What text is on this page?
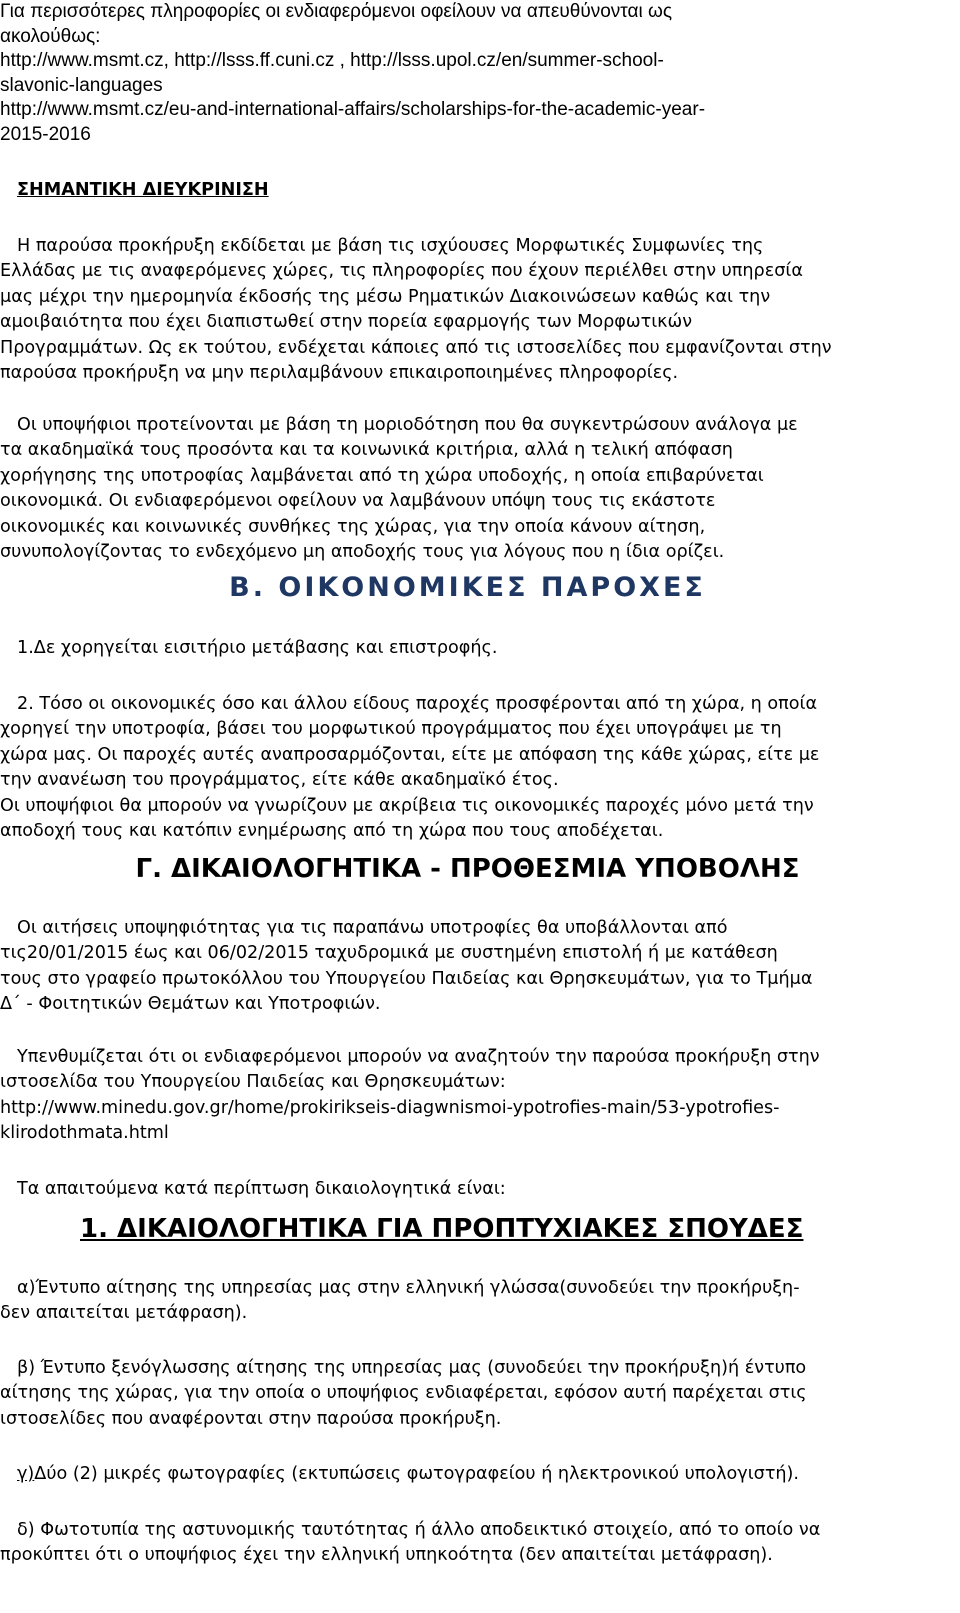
Για περισσότερες πληροφορίες οι ενδιαφερόμενοι οφείλουν να απευθύνονται ως
ακολούθως:
http://www.msmt.cz, http://lsss.ff.cuni.cz , http://lsss.upol.cz/en/summer-school-
slavonic-languages
http://www.msmt.cz/eu-and-international-affairs/scholarships-for-the-academic-year-
2015-2016
ΣΗΜΑΝΤΙΚΗ ΔΙΕΥΚΡΙΝΙΣΗ
Η παρούσα προκήρυξη εκδίδεται με βάση τις ισχύουσες Μορφωτικές Συμφωνίες της
Ελλάδας με τις αναφερόμενες χώρες, τις πληροφορίες που έχουν περιέλθει στην υπηρεσία
μας μέχρι την ημερομηνία έκδοσής της μέσω Ρηματικών Διακοινώσεων καθώς και την
αμοιβαιότητα που έχει διαπιστωθεί στην πορεία εφαρμογής των Μορφωτικών
Προγραμμάτων. Ως εκ τούτου, ενδέχεται κάποιες από τις ιστοσελίδες που εμφανίζονται στην
παρούσα προκήρυξη να μην περιλαμβάνουν επικαιροποιημένες πληροφορίες.
Οι υποψήφιοι προτείνονται με βάση τη μοριοδότηση που θα συγκεντρώσουν ανάλογα με
τα ακαδημαϊκά τους προσόντα και τα κοινωνικά κριτήρια, αλλά η τελική απόφαση
χορήγησης της υποτροφίας λαμβάνεται από τη χώρα υποδοχής, η οποία επιβαρύνεται
οικονομικά. Οι ενδιαφερόμενοι οφείλουν να λαμβάνουν υπόψη τους τις εκάστοτε
οικονομικές και κοινωνικές συνθήκες της χώρας, για την οποία κάνουν αίτηση,
συνυπολογίζοντας το ενδεχόμενο μη αποδοχής τους για λόγους που η ίδια ορίζει.
Β. ΟΙΚΟΝΟΜΙΚΕΣ ΠΑΡΟΧΕΣ
1.Δε χορηγείται εισιτήριο μετάβασης και επιστροφής.
2. Τόσο οι οικονομικές όσο και άλλου είδους παροχές προσφέρονται από τη χώρα, η οποία
χορηγεί την υποτροφία, βάσει του μορφωτικού προγράμματος που έχει υπογράψει με τη
χώρα μας. Οι παροχές αυτές αναπροσαρμόζονται, είτε με απόφαση της κάθε χώρας, είτε με
την ανανέωση του προγράμματος, είτε κάθε ακαδημαϊκό έτος.
Οι υποψήφιοι θα μπορούν να γνωρίζουν με ακρίβεια τις οικονομικές παροχές μόνο μετά την
αποδοχή τους και κατόπιν ενημέρωσης από τη χώρα που τους αποδέχεται.
Γ. ΔΙΚΑΙΟΛΟΓΗΤΙΚΑ - ΠΡΟΘΕΣΜΙΑ ΥΠΟΒΟΛΗΣ
Οι αιτήσεις υποψηφιότητας για τις παραπάνω υποτροφίες θα υποβάλλονται από
τις20/01/2015 έως και 06/02/2015 ταχυδρομικά με συστημένη επιστολή ή με κατάθεση
τους στο γραφείο πρωτοκόλλου του Υπουργείου Παιδείας και Θρησκευμάτων, για το Τμήμα
Δ΄ - Φοιτητικών Θεμάτων και Υποτροφιών.
Υπενθυμίζεται ότι οι ενδιαφερόμενοι μπορούν να αναζητούν την παρούσα προκήρυξη στην
ιστοσελίδα του Υπουργείου Παιδείας και Θρησκευμάτων:
http://www.minedu.gov.gr/home/prokirikseis-diagwnismoi-ypotrofies-main/53-ypotrofies-
klirodothmata.html
Τα απαιτούμενα κατά περίπτωση δικαιολογητικά είναι:
1. ΔΙΚΑΙΟΛΟΓΗΤΙΚΑ ΓΙΑ ΠΡΟΠΤΥΧΙΑΚΕΣ ΣΠΟΥΔΕΣ
α)Έντυπο αίτησης της υπηρεσίας μας στην ελληνική γλώσσα(συνοδεύει την προκήρυξη-
δεν απαιτείται μετάφραση).
β) Έντυπο ξενόγλωσσης αίτησης της υπηρεσίας μας (συνοδεύει την προκήρυξη)ή έντυπο
αίτησης της χώρας, για την οποία ο υποψήφιος ενδιαφέρεται, εφόσον αυτή παρέχεται στις
ιστοσελίδες που αναφέρονται στην παρούσα προκήρυξη.
γ)Δύο (2) μικρές φωτογραφίες (εκτυπώσεις φωτογραφείου ή ηλεκτρονικού υπολογιστή).
δ) Φωτοτυπία της αστυνομικής ταυτότητας ή άλλο αποδεικτικό στοιχείο, από το οποίο να
προκύπτει ότι ο υποψήφιος έχει την ελληνική υπηκοότητα (δεν απαιτείται μετάφραση).
